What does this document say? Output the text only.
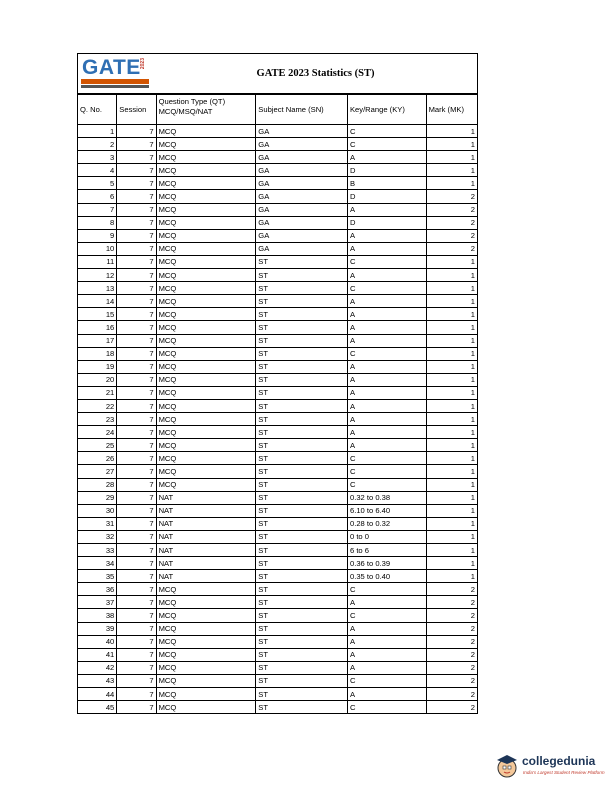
GATE 2023
GATE 2023 Statistics (ST)
Q. No.	Session	Question Type (QT) MCQ/MSQ/NAT	Subject Name (SN)	Key/Range (KY)	Mark (MK)
1	7	MCQ	GA	C	1
2	7	MCQ	GA	C	1
3	7	MCQ	GA	A	1
4	7	MCQ	GA	D	1
5	7	MCQ	GA	B	1
6	7	MCQ	GA	D	2
7	7	MCQ	GA	A	2
8	7	MCQ	GA	D	2
9	7	MCQ	GA	A	2
10	7	MCQ	GA	A	2
11	7	MCQ	ST	C	1
12	7	MCQ	ST	A	1
13	7	MCQ	ST	C	1
14	7	MCQ	ST	A	1
15	7	MCQ	ST	A	1
16	7	MCQ	ST	A	1
17	7	MCQ	ST	A	1
18	7	MCQ	ST	C	1
19	7	MCQ	ST	A	1
20	7	MCQ	ST	A	1
21	7	MCQ	ST	A	1
22	7	MCQ	ST	A	1
23	7	MCQ	ST	A	1
24	7	MCQ	ST	A	1
25	7	MCQ	ST	A	1
26	7	MCQ	ST	C	1
27	7	MCQ	ST	C	1
28	7	MCQ	ST	C	1
29	7	NAT	ST	0.32 to 0.38	1
30	7	NAT	ST	6.10 to 6.40	1
31	7	NAT	ST	0.28 to 0.32	1
32	7	NAT	ST	0 to 0	1
33	7	NAT	ST	6 to 6	1
34	7	NAT	ST	0.36 to 0.39	1
35	7	NAT	ST	0.35 to 0.40	1
36	7	MCQ	ST	C	2
37	7	MCQ	ST	A	2
38	7	MCQ	ST	C	2
39	7	MCQ	ST	A	2
40	7	MCQ	ST	A	2
41	7	MCQ	ST	A	2
42	7	MCQ	ST	A	2
43	7	MCQ	ST	C	2
44	7	MCQ	ST	A	2
45	7	MCQ	ST	C	2
collegedunia
India's Largest Student Review Platform
